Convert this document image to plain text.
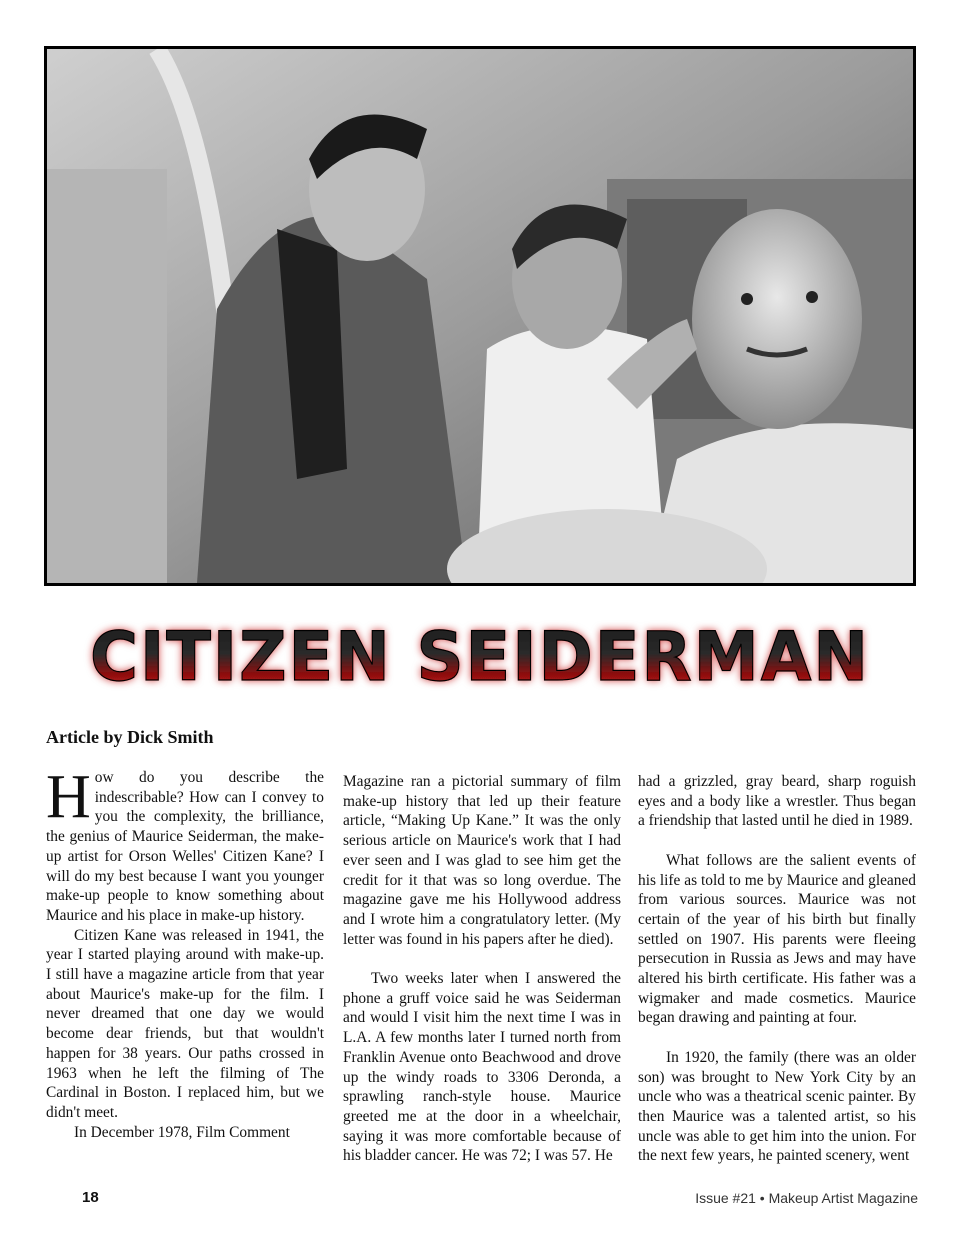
CITIZEN SEIDERMAN
Article by Dick Smith

How do you describe the indescribable? How can I convey to you the complexity, the brilliance, the genius of Maurice Seiderman, the make-up artist for Orson Welles' Citizen Kane? I will do my best because I want you younger make-up people to know something about Maurice and his place in make-up history.

Citizen Kane was released in 1941, the year I started playing around with make-up. I still have a magazine article from that year about Maurice's make-up for the film. I never dreamed that one day we would become dear friends, but that wouldn't happen for 38 years. Our paths crossed in 1963 when he left the filming of The Cardinal in Boston. I replaced him, but we didn't meet.

In December 1978, Film Comment

Magazine ran a pictorial summary of film make-up history that led up their feature article, “Making Up Kane.” It was the only serious article on Maurice's work that I had ever seen and I was glad to see him get the credit for it that was so long overdue. The magazine gave me his Hollywood address and I wrote him a congratulatory letter. (My letter was found in his papers after he died).

Two weeks later when I answered the phone a gruff voice said he was Seiderman and would I visit him the next time I was in L.A. A few months later I turned north from Franklin Avenue onto Beachwood and drove up the windy roads to 3306 Deronda, a sprawling ranch-style house. Maurice greeted me at the door in a wheelchair, saying it was more comfortable because of his bladder cancer. He was 72; I was 57. He

had a grizzled, gray beard, sharp roguish eyes and a body like a wrestler. Thus began a friendship that lasted until he died in 1989.

What follows are the salient events of his life as told to me by Maurice and gleaned from various sources. Maurice was not certain of the year of his birth but finally settled on 1907. His parents were fleeing persecution in Russia as Jews and may have altered his birth certificate. His father was a wigmaker and made cosmetics. Maurice began drawing and painting at four.

In 1920, the family (there was an older son) was brought to New York City by an uncle who was a theatrical scenic painter. By then Maurice was a talented artist, so his uncle was able to get him into the union. For the next few years, he painted scenery, went

18	Issue #21 • Makeup Artist Magazine
